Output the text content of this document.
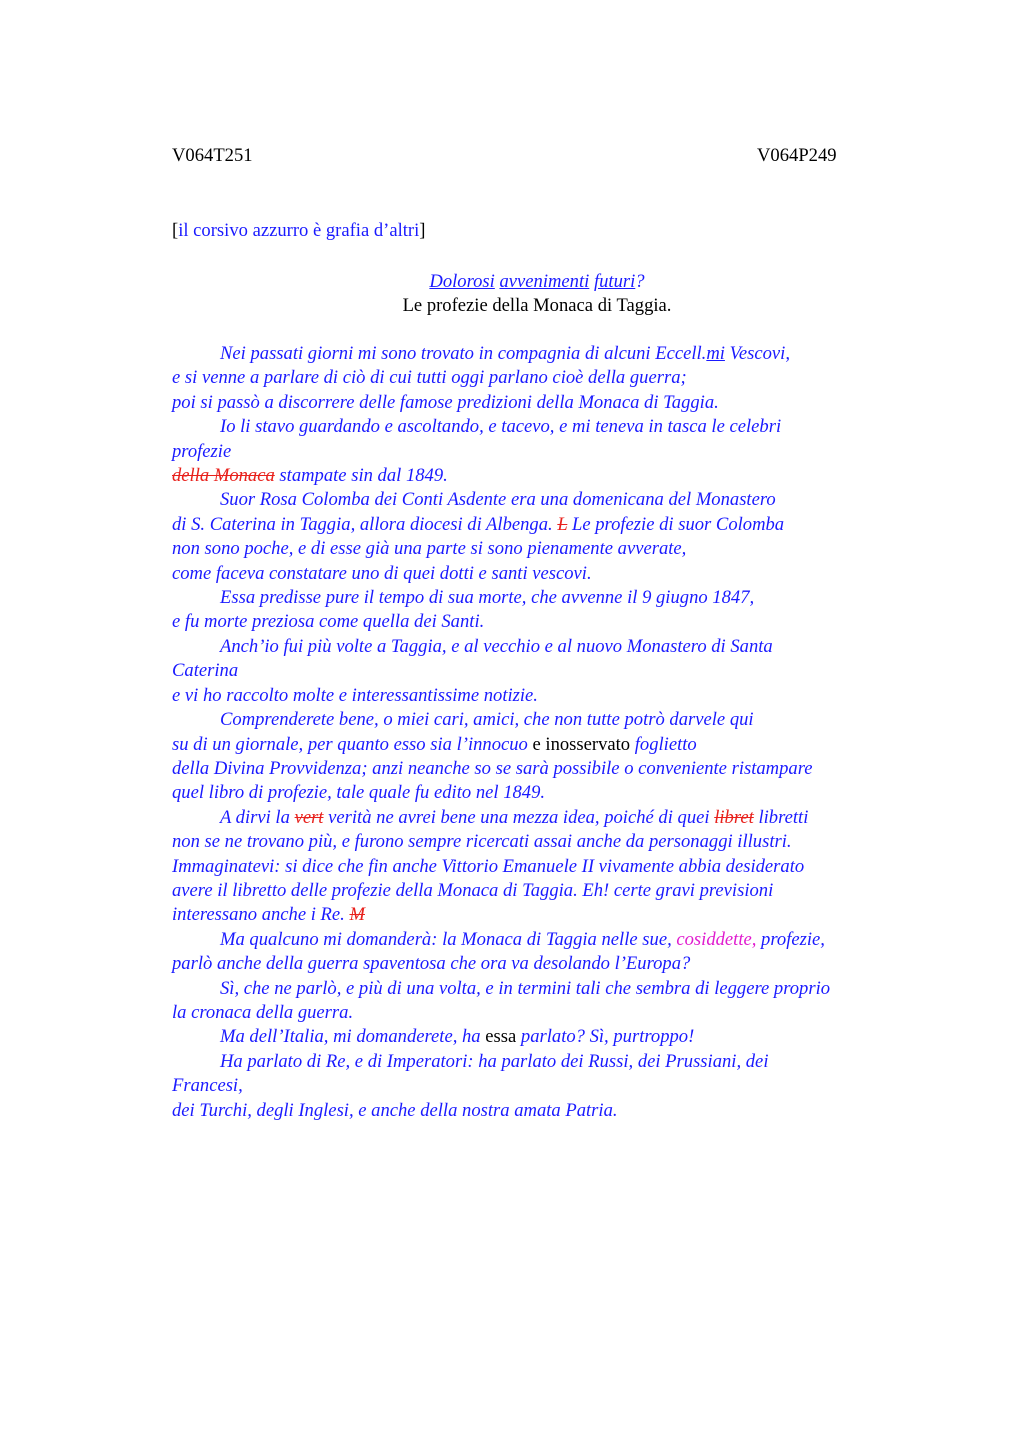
V064T251	V064P249
[il corsivo azzurro è grafia d’altri]
Dolorosi avvenimenti futuri?
Le profezie della Monaca di Taggia.
Nei passati giorni mi sono trovato in compagnia di alcuni Eccell.mi Vescovi,
e si venne a parlare di ciò di cui tutti oggi parlano cioè della guerra;
poi si passò a discorrere delle famose predizioni della Monaca di Taggia.
Io li stavo guardando e ascoltando, e tacevo, e mi teneva in tasca le celebri
profezie
della Monaca stampate sin dal 1849.
Suor Rosa Colomba dei Conti Asdente era una domenicana del Monastero
di S. Caterina in Taggia, allora diocesi di Albenga. L Le profezie di suor Colomba
non sono poche, e di esse già una parte si sono pienamente avverate,
come faceva constatare uno di quei dotti e santi vescovi.
Essa predisse pure il tempo di sua morte, che avvenne il 9 giugno 1847,
e fu morte preziosa come quella dei Santi.
Anch’io fui più volte a Taggia, e al vecchio e al nuovo Monastero di Santa
Caterina
e vi ho raccolto molte e interessantissime notizie.
Comprenderete bene, o miei cari, amici, che non tutte potrò darvele qui
su di un giornale, per quanto esso sia l’innocuo e inosservato foglietto
della Divina Provvidenza; anzi neanche so se sarà possibile o conveniente ristampare
quel libro di profezie, tale quale fu edito nel 1849.
A dirvi la vert verità ne avrei bene una mezza idea, poiché di quei libret libretti
non se ne trovano più, e furono sempre ricercati assai anche da personaggi illustri.
Immaginatevi: si dice che fin anche Vittorio Emanuele II vivamente abbia desiderato
avere il libretto delle profezie della Monaca di Taggia. Eh! certe gravi previsioni
interessano anche i Re. M
Ma qualcuno mi domanderà: la Monaca di Taggia nelle sue, cosiddette, profezie,
parlò anche della guerra spaventosa che ora va desolando l’Europa?
Sì, che ne parlò, e più di una volta, e in termini tali che sembra di leggere proprio
la cronaca della guerra.
Ma dell’Italia, mi domanderete, ha essa parlato? Sì, purtroppo!
Ha parlato di Re, e di Imperatori: ha parlato dei Russi, dei Prussiani, dei
Francesi,
dei Turchi, degli Inglesi, e anche della nostra amata Patria.
